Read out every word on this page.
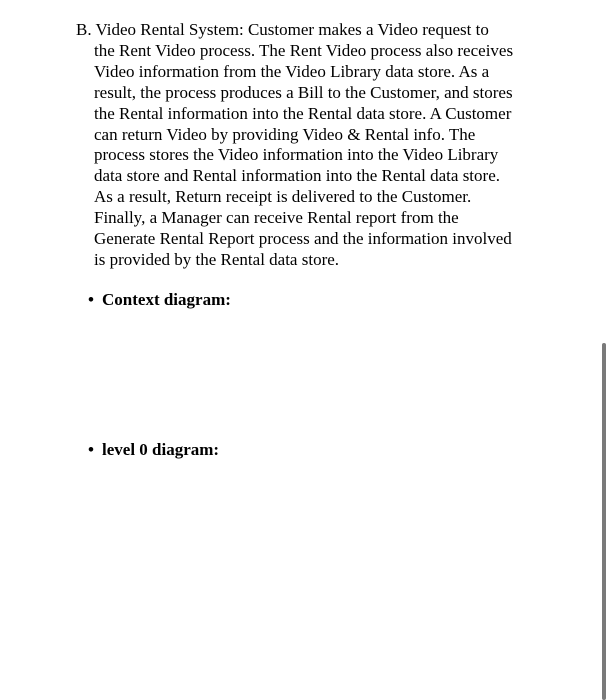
B. Video Rental System: Customer makes a Video request to
the Rent Video process. The Rent Video process also receives
Video information from the Video Library data store. As a
result, the process produces a Bill to the Customer, and stores
the Rental information into the Rental data store. A Customer
can return Video by providing Video & Rental info. The
process stores the Video information into the Video Library
data store and Rental information into the Rental data store.
As a result, Return receipt is delivered to the Customer.
Finally, a Manager can receive Rental report from the
Generate Rental Report process and the information involved
is provided by the Rental data store.
• Context diagram:
• level 0 diagram:
